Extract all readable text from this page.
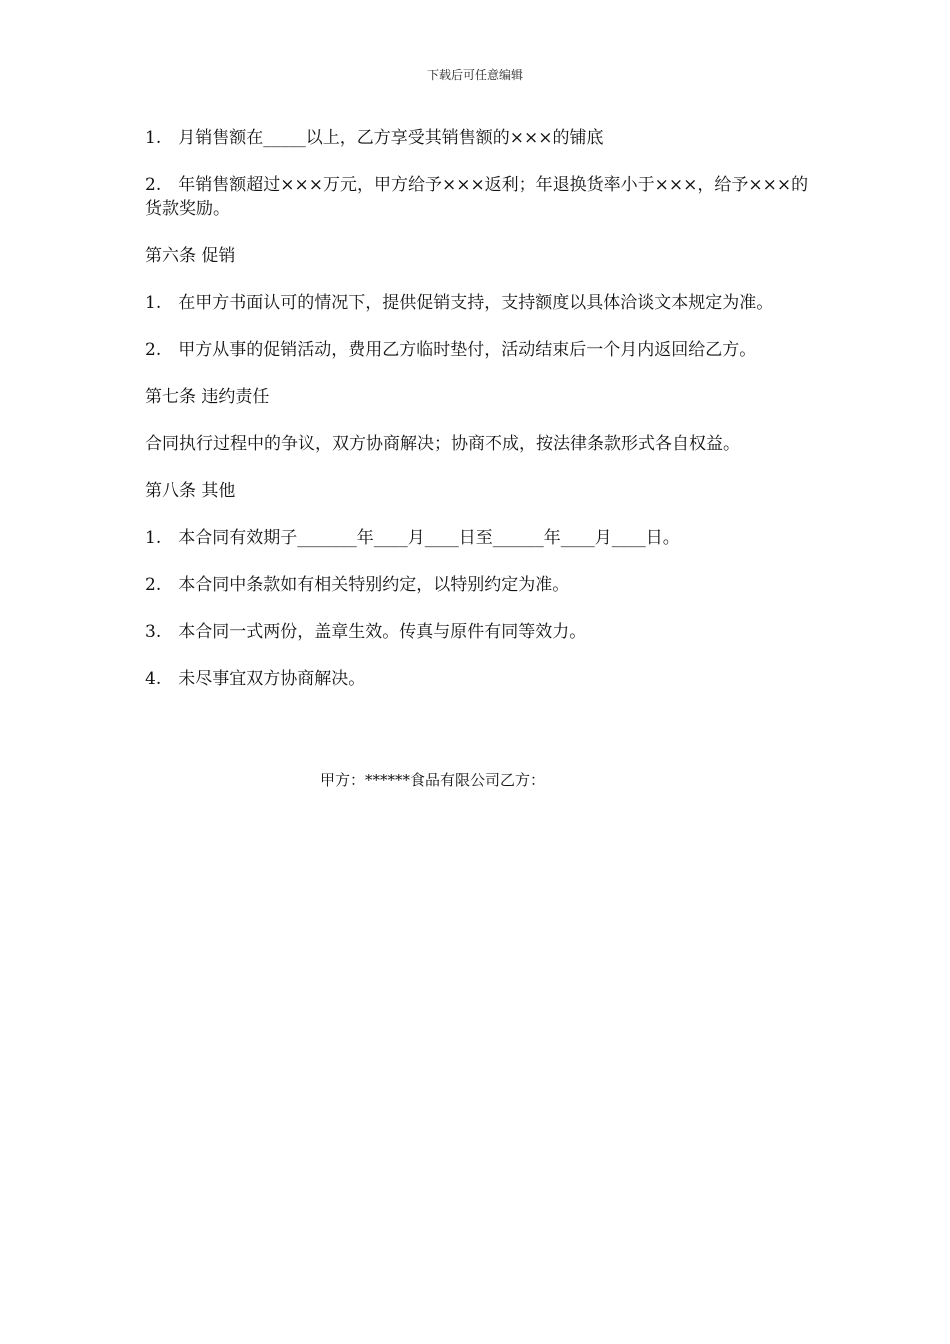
下载后可任意编辑

1.　月销售额在_____以上，乙方享受其销售额的×××的铺底

2.　年销售额超过×××万元，甲方给予×××返利；年退换货率小于×××，给予×××的货款奖励。

第六条 促销

1.　在甲方书面认可的情况下，提供促销支持，支持额度以具体洽谈文本规定为准。

2.　甲方从事的促销活动，费用乙方临时垫付，活动结束后一个月内返回给乙方。

第七条 违约责任

合同执行过程中的争议，双方协商解决；协商不成，按法律条款形式各自权益。

第八条 其他

1.　本合同有效期子_______年____月____日至______年____月____日。

2.　本合同中条款如有相关特别约定，以特别约定为准。

3.　本合同一式两份，盖章生效。传真与原件有同等效力。

4.　未尽事宜双方协商解决。

甲方：******食品有限公司乙方：
